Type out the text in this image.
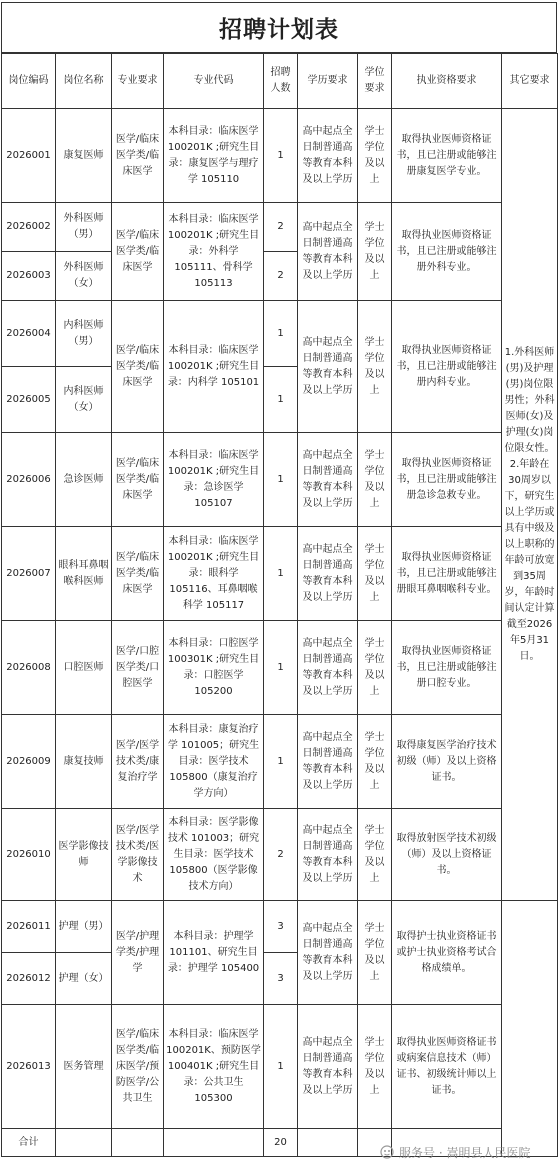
招聘计划表
岗位编码	岗位名称	专业要求	专业代码	招聘人数	学历要求	学位要求	执业资格要求	其它要求
2026001	康复医师	医学/临床医学类/临床医学	本科目录：临床医学 100201K ;研究生目录：康复医学与理疗学 105110	1	高中起点全日制普通高等教育本科及以上学历	学士学位及以上	取得执业医师资格证书，且已注册或能够注册康复医学专业。	1.外科医师(男)及护理(男)岗位限男性；外科医师(女)及护理(女)岗位限女性。2.年龄在30周岁以下，研究生以上学历或具有中级及以上职称的年龄可放宽到35周岁，年龄时间认定计算截至2026年5月31日。
2026002	外科医师（男）	医学/临床医学类/临床医学	本科目录：临床医学 100201K ;研究生目录：外科学 105111、骨科学 105113	2	高中起点全日制普通高等教育本科及以上学历	学士学位及以上	取得执业医师资格证书，且已注册或能够注册外科专业。	
2026003	外科医师（女）			2				
2026004	内科医师（男）	医学/临床医学类/临床医学	本科目录：临床医学 100201K ;研究生目录：内科学 105101	1	高中起点全日制普通高等教育本科及以上学历	学士学位及以上	取得执业医师资格证书，且已注册或能够注册内科专业。	
2026005	内科医师（女）			1				
2026006	急诊医师	医学/临床医学类/临床医学	本科目录：临床医学 100201K ;研究生目录：急诊医学 105107	1	高中起点全日制普通高等教育本科及以上学历	学士学位及以上	取得执业医师资格证书，且已注册或能够注册急诊急救专业。	
2026007	眼科耳鼻咽喉科医师	医学/临床医学类/临床医学	本科目录：临床医学 100201K ;研究生目录：眼科学 105116、耳鼻咽喉科学 105117	1	高中起点全日制普通高等教育本科及以上学历	学士学位及以上	取得执业医师资格证书，且已注册或能够注册眼耳鼻咽喉科专业。	
2026008	口腔医师	医学/口腔医学类/口腔医学	本科目录：口腔医学 100301K ;研究生目录：口腔医学 105200	1	高中起点全日制普通高等教育本科及以上学历	学士学位及以上	取得执业医师资格证书，且已注册或能够注册口腔专业。	
2026009	康复技师	医学/医学技术类/康复治疗学	本科目录：康复治疗学 101005；研究生目录：医学技术 105800（康复治疗学方向）	1	高中起点全日制普通高等教育本科及以上学历	学士学位及以上	取得康复医学治疗技术初级（师）及以上资格证书。	
2026010	医学影像技师	医学/医学技术类/医学影像技术	本科目录：医学影像技术 101003；研究生目录：医学技术 105800（医学影像技术方向）	2	高中起点全日制普通高等教育本科及以上学历	学士学位及以上	取得放射医学技术初级（师）及以上资格证书。	
2026011	护理（男）	医学/护理学类/护理学	本科目录：护理学 101101、研究生目录：护理学 105400	3	高中起点全日制普通高等教育本科及以上学历	学士学位及以上	取得护士执业资格证书或护士执业资格考试合格成绩单。	
2026012	护理（女）			3				
2026013	医务管理	医学/临床医学类/临床医学/预防医学/公共卫生	本科目录：临床医学 100201K、预防医学 100401K ;研究生目录：公共卫生 105300	1	高中起点全日制普通高等教育本科及以上学历	学士学位及以上	取得执业医师资格证书或病案信息技术（师）证书、初级统计师以上证书。	
合计				20				
服务号 · 嵩明县人民医院
